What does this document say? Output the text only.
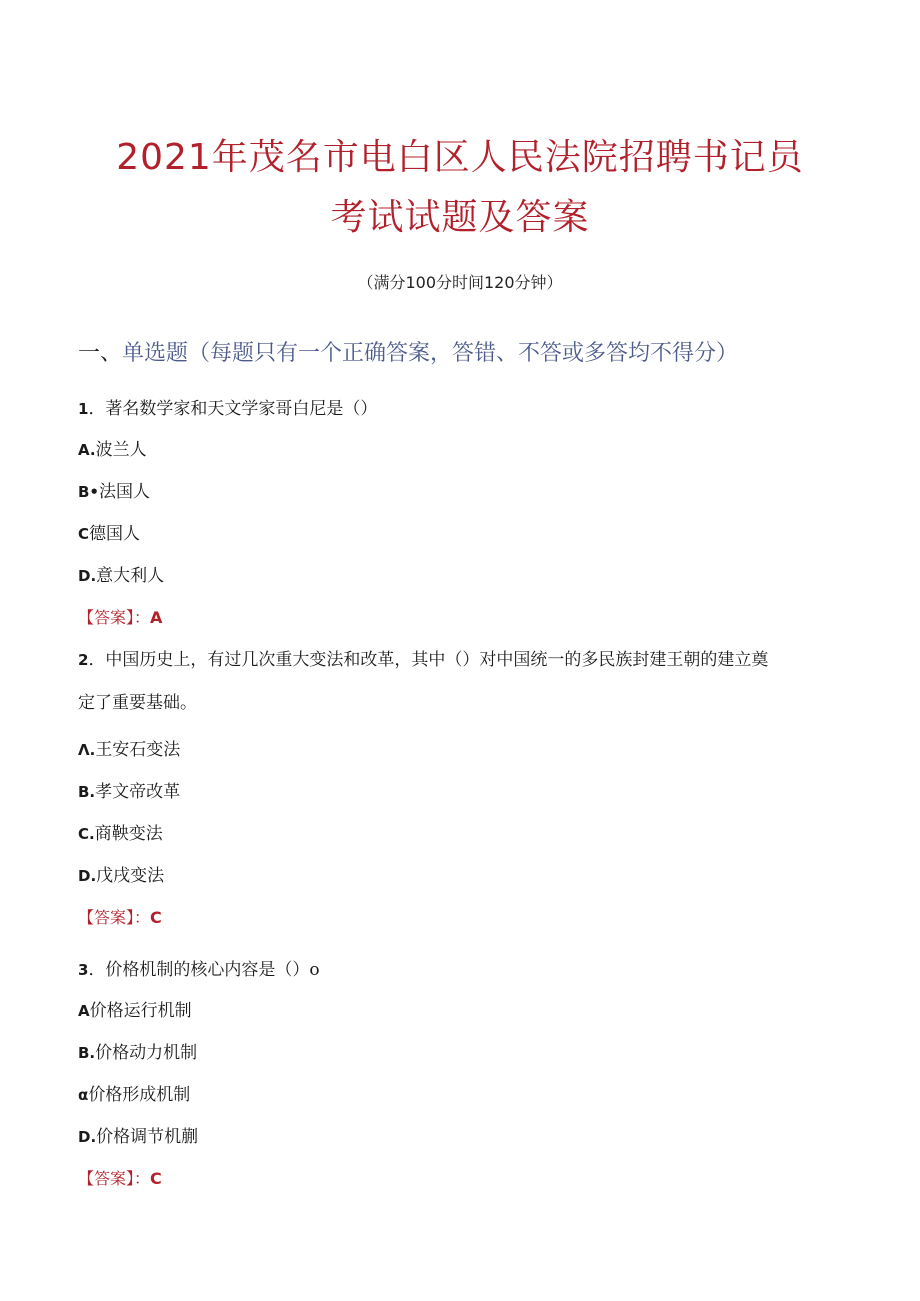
2021年茂名市电白区人民法院招聘书记员
考试试题及答案
（满分100分时间120分钟）
一、单选题（每题只有一个正确答案，答错、不答或多答均不得分）
1．著名数学家和天文学家哥白尼是（）
A.波兰人
B•法国人
C德国人
D.意大利人
【答案】：A
2．中国历史上，有过几次重大变法和改革，其中（）对中国统一的多民族封建王朝的建立奠
定了重要基础。
Λ.王安石变法
B.孝文帝改革
C.商鞅变法
D.戊戌变法
【答案】：C
3．价格机制的核心内容是（）o
A价格运行机制
B.价格动力机制
α价格形成机制
D.价格调节机蒯
【答案】：C
